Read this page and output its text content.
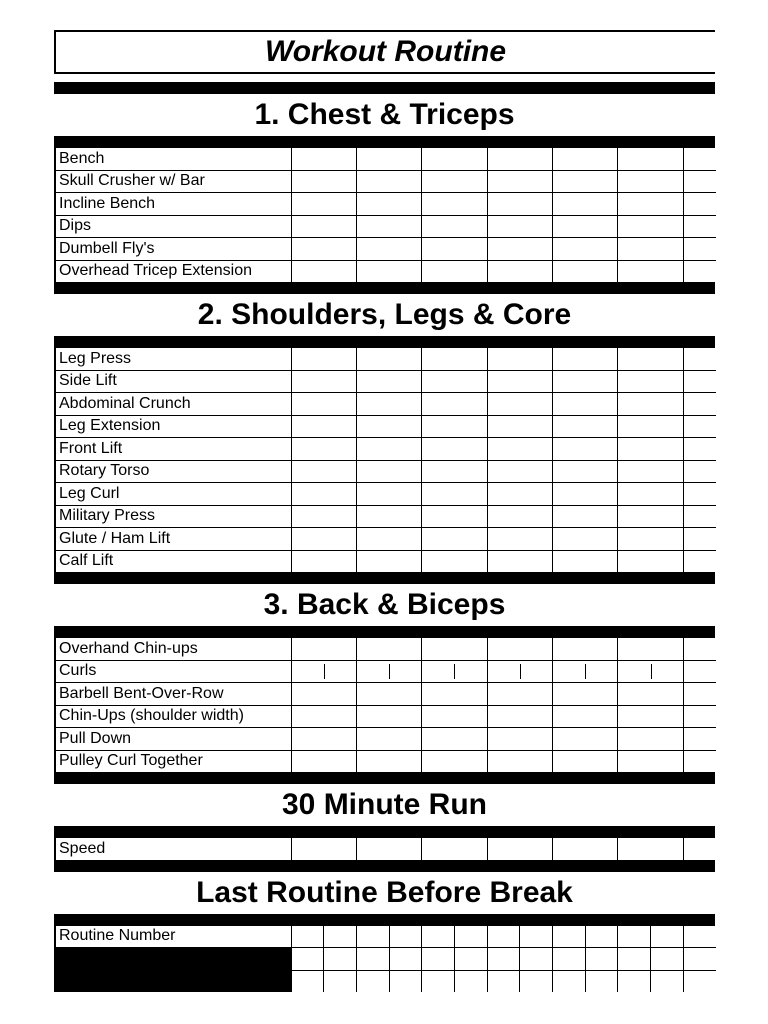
Workout Routine
1. Chest & Triceps
Bench							
Skull Crusher w/ Bar							
Incline Bench							
Dips							
Dumbell Fly's							
Overhead Tricep Extension							
2. Shoulders, Legs & Core
Leg Press							
Side Lift							
Abdominal Crunch							
Leg Extension							
Front Lift							
Rotary Torso							
Leg Curl							
Military Press							
Glute / Ham Lift							
Calf Lift							
3. Back & Biceps
Overhand Chin-ups							
Curls							
Barbell Bent-Over-Row							
Chin-Ups (shoulder width)							
Pull Down							
Pulley Curl Together							
30 Minute Run
Speed							
Last Routine Before Break
Routine Number													
